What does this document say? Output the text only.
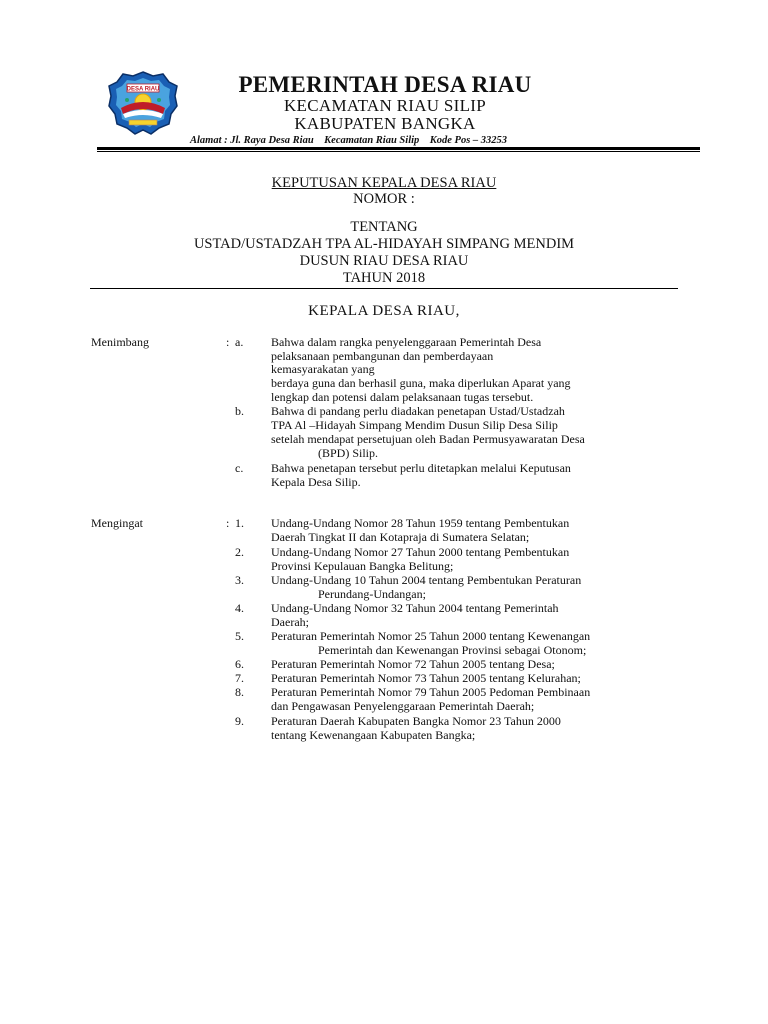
DESA RIAU	PEMERINTAH DESA RIAU
KECAMATAN RIAU SILIP
KABUPATEN BANGKA
Alamat : Jl. Raya Desa Riau    Kecamatan Riau Silip    Kode Pos – 33253
KEPUTUSAN KEPALA DESA RIAU
NOMOR :
TENTANG
USTAD/USTADZAH TPA AL-HIDAYAH SIMPANG MENDIM
DUSUN RIAU DESA RIAU
TAHUN 2018
KEPALA DESA RIAU,
Menimbang	: a. Bahwa dalam rangka penyelenggaraan Pemerintah Desa
pelaksanaan pembangunan dan pemberdayaan
kemasyarakatan yang
berdaya guna dan berhasil guna, maka diperlukan Aparat yang
lengkap dan potensi dalam pelaksanaan tugas tersebut.
b. Bahwa di pandang perlu diadakan penetapan Ustad/Ustadzah
TPA Al –Hidayah Simpang Mendim Dusun Silip Desa Silip
setelah mendapat persetujuan oleh Badan Permusyawaratan Desa
(BPD) Silip.
c. Bahwa penetapan tersebut perlu ditetapkan melalui Keputusan
Kepala Desa Silip.
Mengingat	: 1. Undang-Undang Nomor 28 Tahun 1959 tentang Pembentukan
Daerah Tingkat II dan Kotapraja di Sumatera Selatan;
2. Undang-Undang Nomor 27 Tahun 2000 tentang Pembentukan
Provinsi Kepulauan Bangka Belitung;
3. Undang-Undang 10 Tahun 2004 tentang Pembentukan Peraturan
Perundang-Undangan;
4. Undang-Undang Nomor 32 Tahun 2004 tentang Pemerintah
Daerah;
5. Peraturan Pemerintah Nomor 25 Tahun 2000 tentang Kewenangan
Pemerintah dan Kewenangan Provinsi sebagai Otonom;
6. Peraturan Pemerintah Nomor 72 Tahun 2005 tentang Desa;
7. Peraturan Pemerintah Nomor 73 Tahun 2005 tentang Kelurahan;
8. Peraturan Pemerintah Nomor 79 Tahun 2005 Pedoman Pembinaan
dan Pengawasan Penyelenggaraan Pemerintah Daerah;
9. Peraturan Daerah Kabupaten Bangka Nomor 23 Tahun 2000
tentang Kewenangaan Kabupaten Bangka;
